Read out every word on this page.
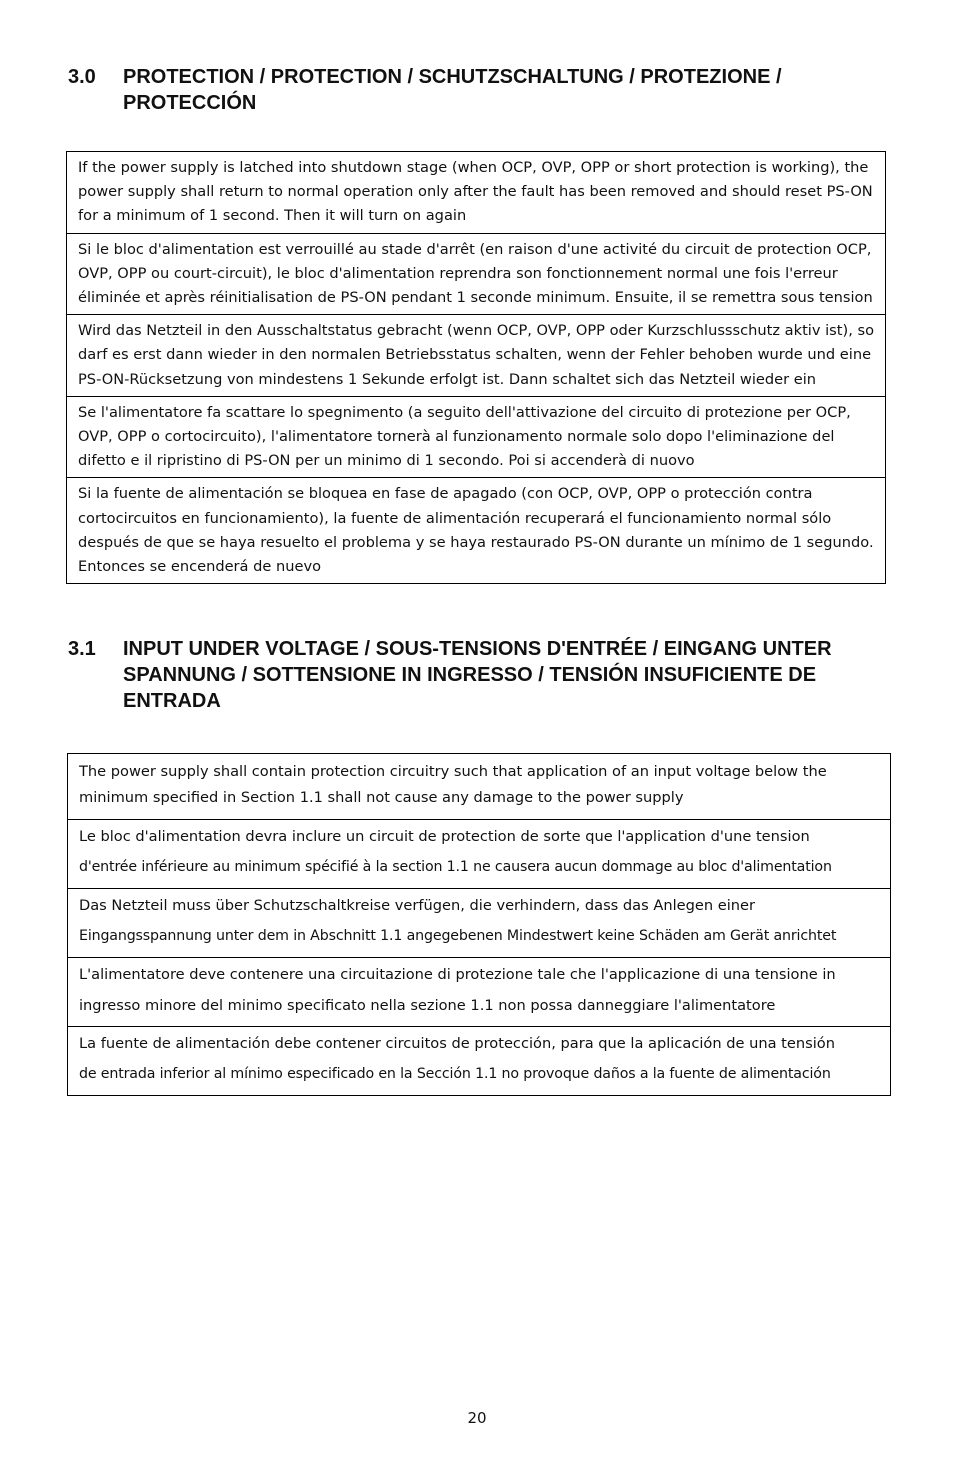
3.0	PROTECTION / PROTECTION / SCHUTZSCHALTUNG / PROTEZIONE / PROTECCIÓN
If the power supply is latched into shutdown stage (when OCP, OVP, OPP or short protection is working), the power supply shall return to normal operation only after the fault has been removed and should reset PS-ON for a minimum of 1 second. Then it will turn on again
Si le bloc d'alimentation est verrouillé au stade d'arrêt (en raison d'une activité du circuit de protection OCP, OVP, OPP ou court-circuit), le bloc d'alimentation reprendra son fonctionnement normal une fois l'erreur éliminée et après réinitialisation de PS-ON pendant 1 seconde minimum. Ensuite, il se remettra sous tension
Wird das Netzteil in den Ausschaltstatus gebracht (wenn OCP, OVP, OPP oder Kurzschlussschutz aktiv ist), so darf es erst dann wieder in den normalen Betriebsstatus schalten, wenn der Fehler behoben wurde und eine PS-ON-Rücksetzung von mindestens 1 Sekunde erfolgt ist. Dann schaltet sich das Netzteil wieder ein
Se l'alimentatore fa scattare lo spegnimento (a seguito dell'attivazione del circuito di protezione per OCP, OVP, OPP o cortocircuito), l'alimentatore tornerà al funzionamento normale solo dopo l'eliminazione del difetto e il ripristino di PS-ON per un minimo di 1 secondo. Poi si accenderà di nuovo
Si la fuente de alimentación se bloquea en fase de apagado (con OCP, OVP, OPP o protección contra cortocircuitos en funcionamiento), la fuente de alimentación recuperará el funcionamiento normal sólo después de que se haya resuelto el problema y se haya restaurado PS-ON durante un mínimo de 1 segundo. Entonces se encenderá de nuevo
3.1	INPUT UNDER VOLTAGE / SOUS-TENSIONS D'ENTRÉE / EINGANG UNTER SPANNUNG / SOTTENSIONE IN INGRESSO / TENSIÓN INSUFICIENTE DE ENTRADA
The power supply shall contain protection circuitry such that application of an input voltage below the
minimum specified in Section 1.1 shall not cause any damage to the power supply

Le bloc d'alimentation devra inclure un circuit de protection de sorte que l'application d'une tension
d'entrée inférieure au minimum spécifié à la section 1.1 ne causera aucun dommage au bloc d'alimentation

Das Netzteil muss über Schutzschaltkreise verfügen, die verhindern, dass das Anlegen einer
Eingangsspannung unter dem in Abschnitt 1.1 angegebenen Mindestwert keine Schäden am Gerät anrichtet

L'alimentatore deve contenere una circuitazione di protezione tale che l'applicazione di una tensione in
ingresso minore del minimo specificato nella sezione 1.1 non possa danneggiare l'alimentatore

La fuente de alimentación debe contener circuitos de protección, para que la aplicación de una tensión
de entrada inferior al mínimo especificado en la Sección 1.1 no provoque daños a la fuente de alimentación
20
